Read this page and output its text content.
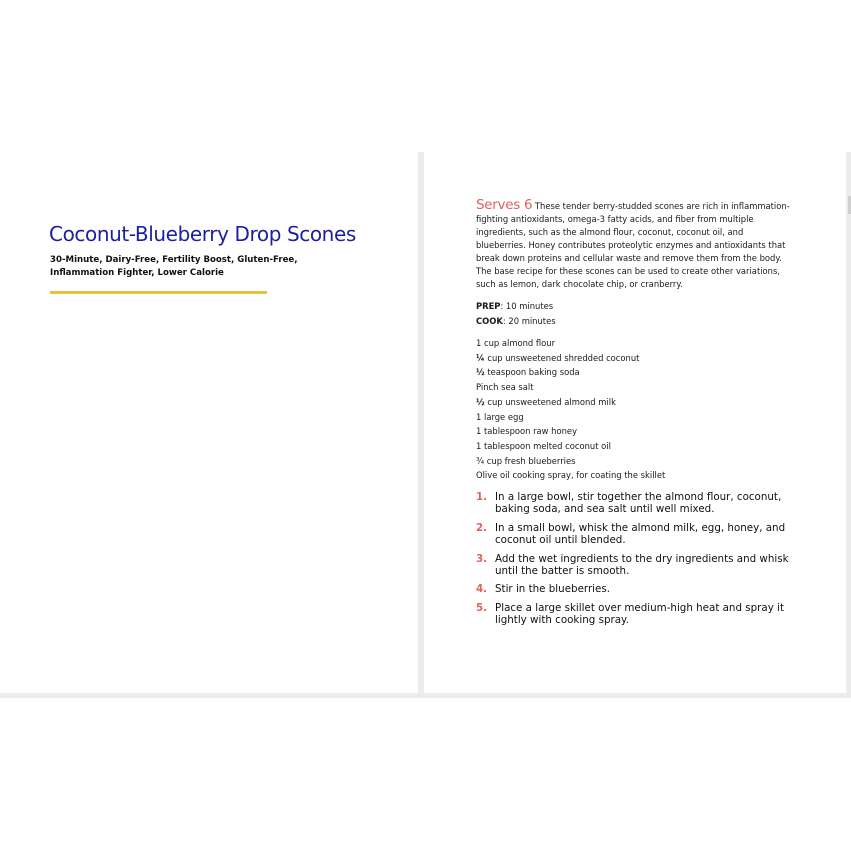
Coconut-Blueberry Drop Scones

30-Minute, Dairy-Free, Fertility Boost, Gluten-Free, Inflammation Fighter, Lower Calorie

Serves 6 These tender berry-studded scones are rich in inflammation-fighting antioxidants, omega-3 fatty acids, and fiber from multiple ingredients, such as the almond flour, coconut, coconut oil, and blueberries. Honey contributes proteolytic enzymes and antioxidants that break down proteins and cellular waste and remove them from the body. The base recipe for these scones can be used to create other variations, such as lemon, dark chocolate chip, or cranberry.

PREP: 10 minutes
COOK: 20 minutes
1 cup almond flour
¼ cup unsweetened shredded coconut
½ teaspoon baking soda
Pinch sea salt
½ cup unsweetened almond milk
1 large egg
1 tablespoon raw honey
1 tablespoon melted coconut oil
¾ cup fresh blueberries
Olive oil cooking spray, for coating the skillet
1. In a large bowl, stir together the almond flour, coconut, baking soda, and sea salt until well mixed.
2. In a small bowl, whisk the almond milk, egg, honey, and coconut oil until blended.
3. Add the wet ingredients to the dry ingredients and whisk until the batter is smooth.
4. Stir in the blueberries.
5. Place a large skillet over medium-high heat and spray it lightly with cooking spray.
